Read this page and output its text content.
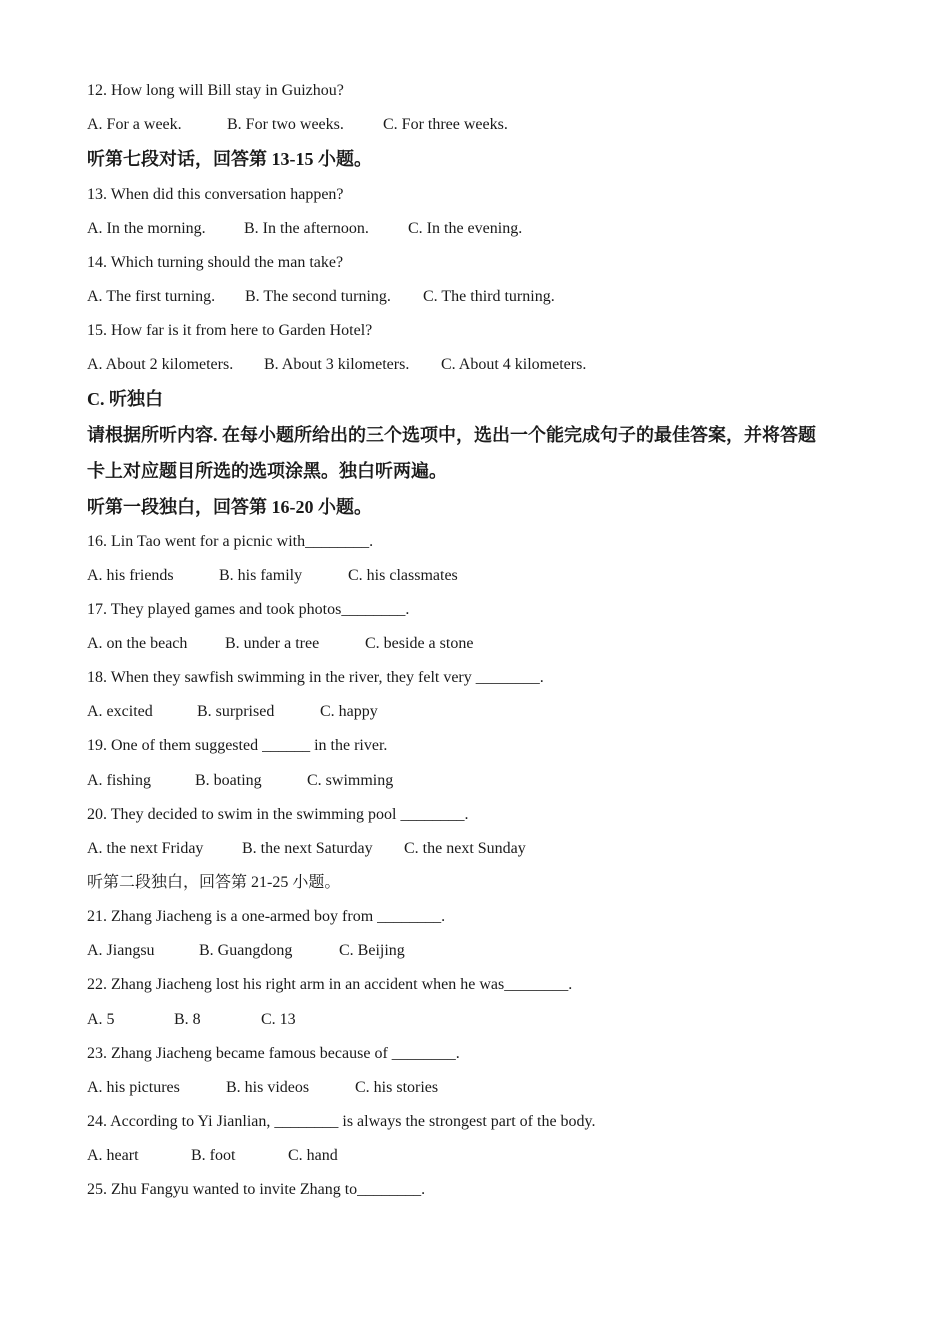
12. How long will Bill stay in Guizhou?
A. For a week.	B. For two weeks. C. For three weeks.
听第七段对话，回答第 13-15 小题。
13. When did this conversation happen?
A. In the morning. B. In the afternoon. C. In the evening.
14. Which turning should the man take?
A. The first turning. B. The second turning. C. The third turning.
15. How far is it from here to Garden Hotel?
A. About 2 kilometers. B. About 3 kilometers. C. About 4 kilometers.
C. 听独白
请根据所听内容. 在每小题所给出的三个选项中，选出一个能完成句子的最佳答案，并将答题
卡上对应题目所选的选项涂黑。独白听两遍。
听第一段独白，回答第 16-20 小题。
16. Lin Tao went for a picnic with________.
A. his friends	B. his family	C. his classmates
17. They played games and took photos________.
A. on the beach B. under a tree	C. beside a stone
18. When they sawfish swimming in the river, they felt very ________.
A. excited	B. surprised	C. happy
19. One of them suggested ______ in the river.
A. fishing	B. boating	C. swimming
20. They decided to swim in the swimming pool ________.
A. the next Friday B. the next Saturday C. the next Sunday
听第二段独白，回答第 21-25 小题。
21. Zhang Jiacheng is a one-armed boy from ________.
A. Jiangsu	B. Guangdong	C. Beijing
22. Zhang Jiacheng lost his right arm in an accident when he was________.
A. 5	B. 8	C. 13
23. Zhang Jiacheng became famous because of ________.
A. his pictures	B. his videos	C. his stories
24. According to Yi Jianlian, ________ is always the strongest part of the body.
A. heart	B. foot	C. hand
25. Zhu Fangyu wanted to invite Zhang to________.
